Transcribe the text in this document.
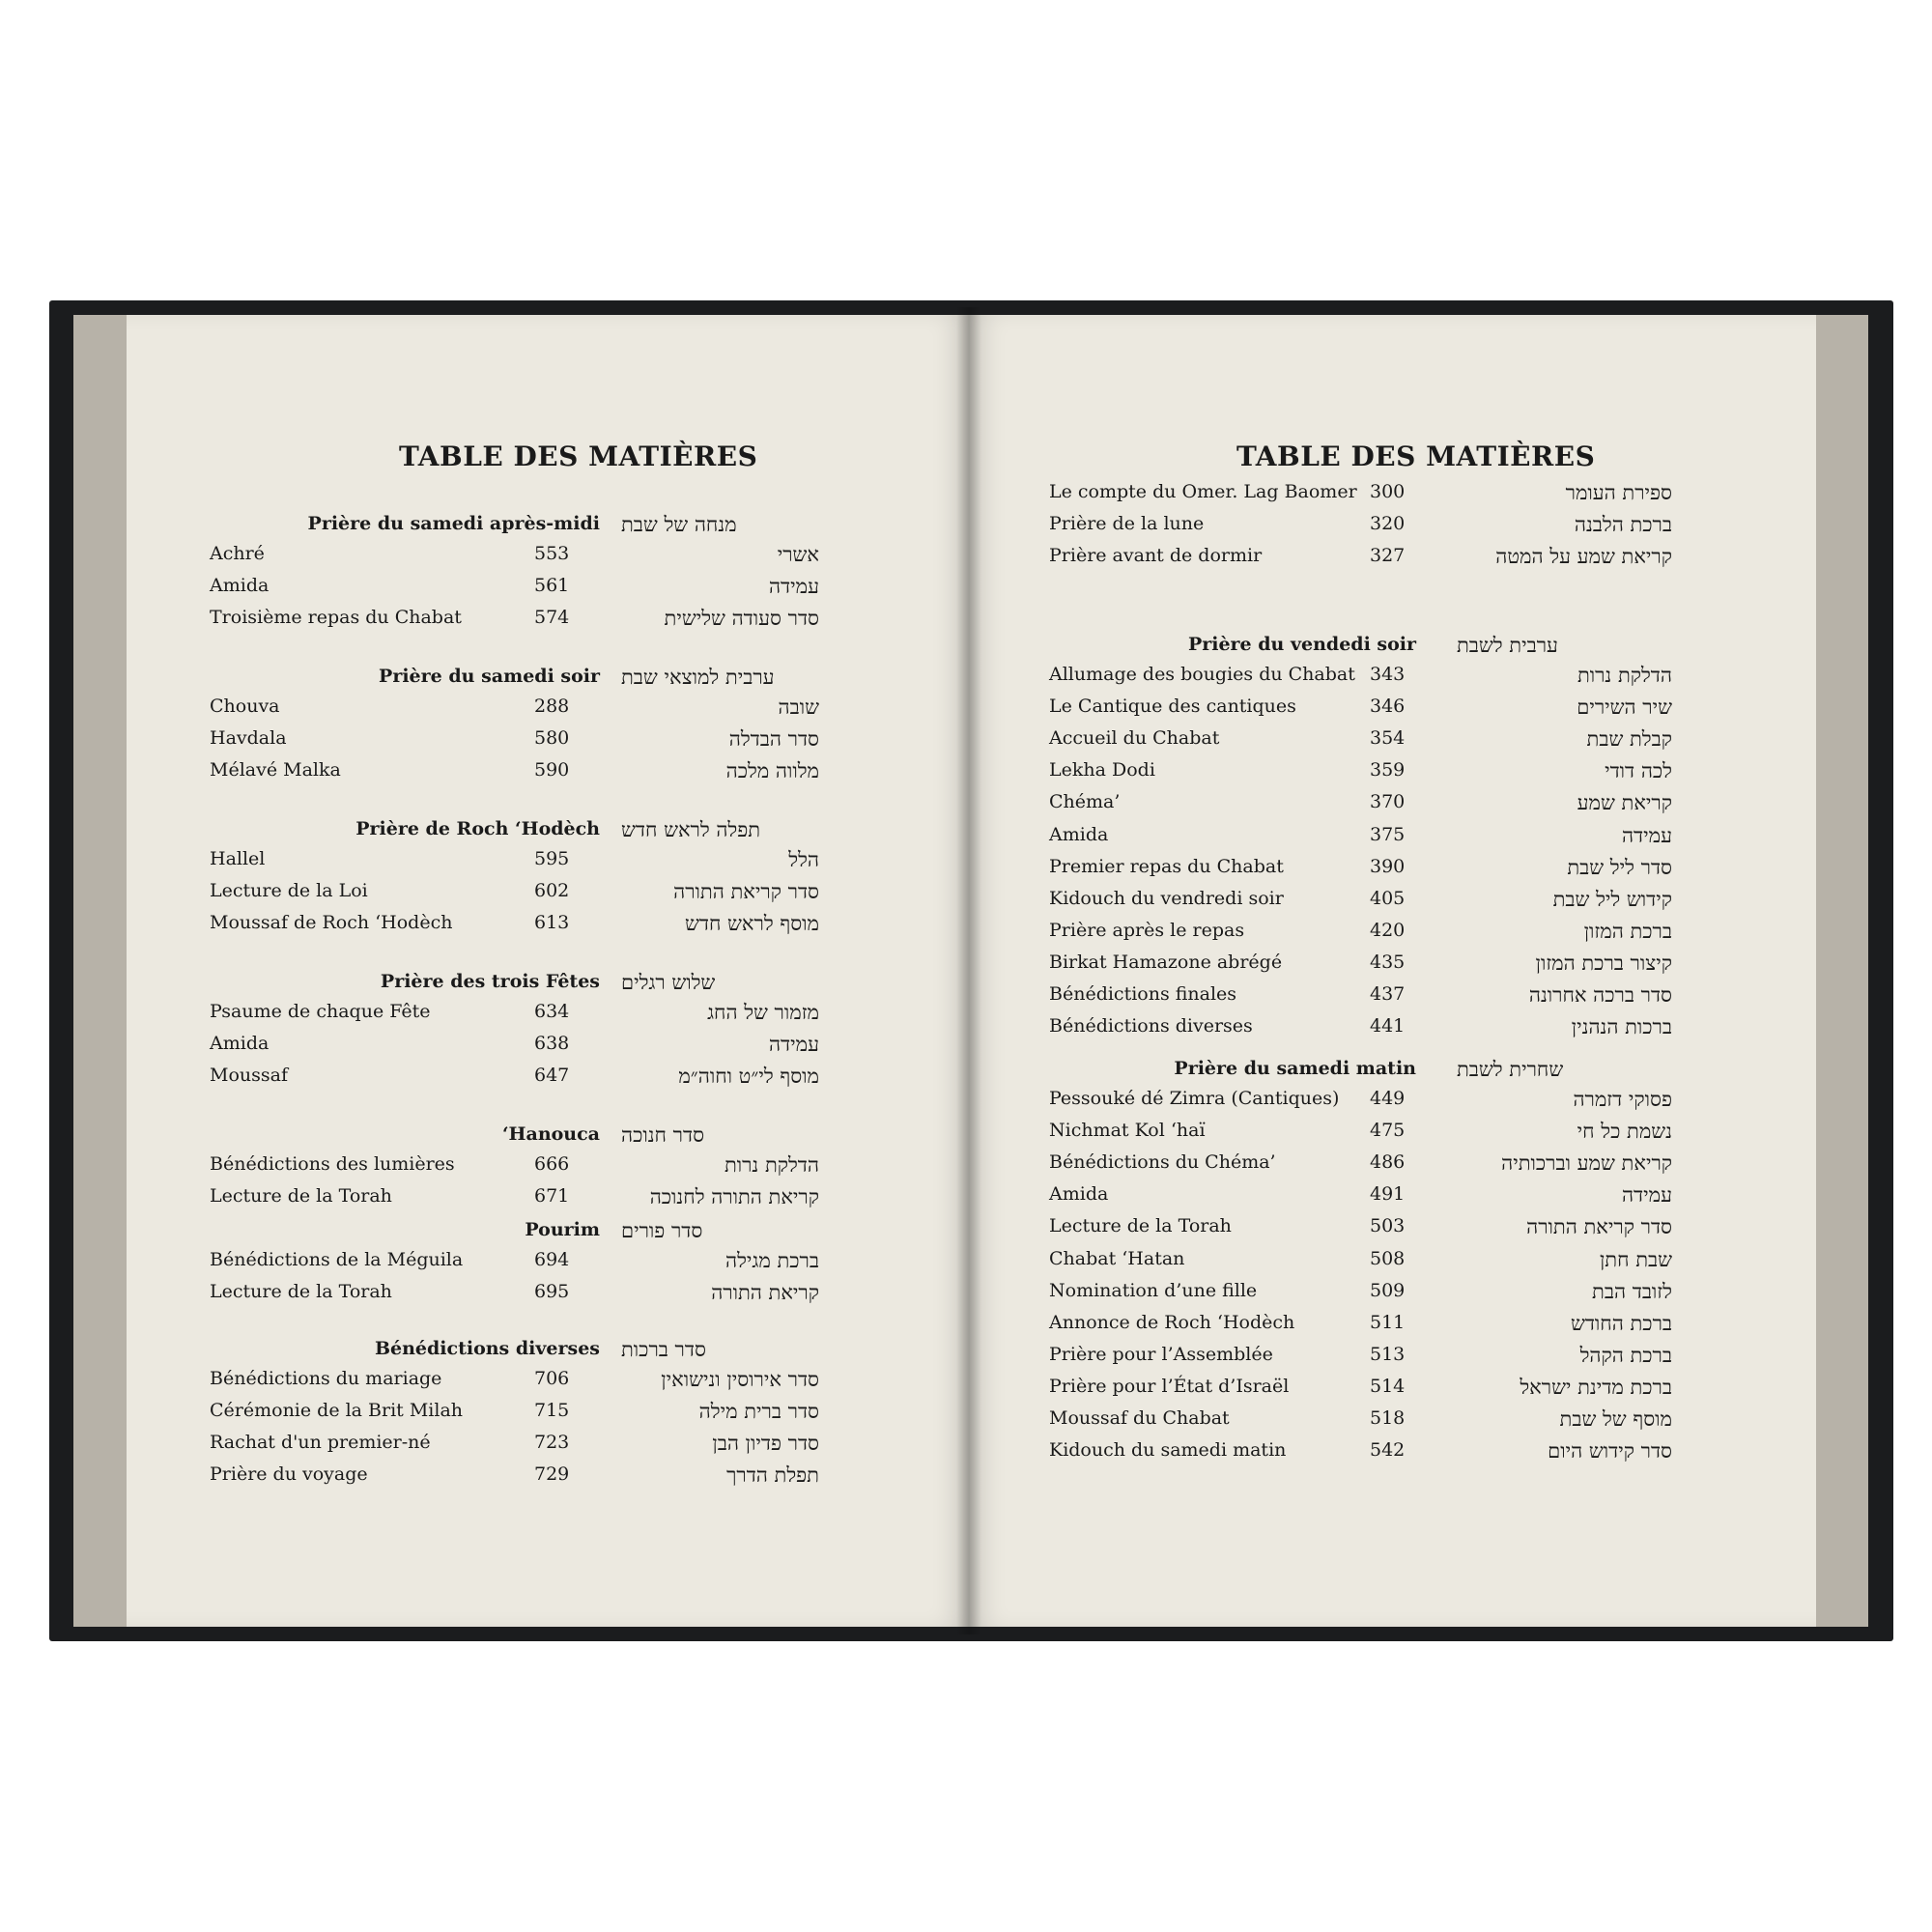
TABLE DES MATIÈRES
Prière du samedi après-midi מנחה של שבת
Achré	553	אשרי
Amida	561	עמידה
Troisième repas du Chabat	574	סדר סעודה שלישית
Prière du samedi soir ערבית למוצאי שבת
Chouva	288	שובה
Havdala	580	סדר הבדלה
Mélavé Malka	590	מלווה מלכה
Prière de Roch ‘Hodèch תפלה לראש חדש
Hallel	595	הלל
Lecture de la Loi	602	סדר קריאת התורה
Moussaf de Roch ‘Hodèch	613	מוסף לראש חדש
Prière des trois Fêtes שלוש רגלים
Psaume de chaque Fête	634	מזמור של החג
Amida	638	עמידה
Moussaf	647	מוסף לי״ט וחוה״מ
‘Hanouca סדר חנוכה
Bénédictions des lumières	666	הדלקת נרות
Lecture de la Torah	671	קריאת התורה לחנוכה
Pourim סדר פורים
Bénédictions de la Méguila	694	ברכת מגילה
Lecture de la Torah	695	קריאת התורה
Bénédictions diverses סדר ברכות
Bénédictions du mariage	706	סדר אירוסין ונישואין
Cérémonie de la Brit Milah	715	סדר ברית מילה
Rachat d'un premier-né	723	סדר פדיון הבן
Prière du voyage	729	תפלת הדרך
TABLE DES MATIÈRES
Le compte du Omer. Lag Baomer 300	ספירת העומר
Prière de la lune	320	ברכת הלבנה
Prière avant de dormir	327	קריאת שמע על המטה
Prière du vendedi soir ערבית לשבת
Allumage des bougies du Chabat 343	הדלקת נרות
Le Cantique des cantiques	346	שיר השירים
Accueil du Chabat	354	קבלת שבת
Lekha Dodi	359	לכה דודי
Chéma’	370	קריאת שמע
Amida	375	עמידה
Premier repas du Chabat	390	סדר ליל שבת
Kidouch du vendredi soir	405	קידוש ליל שבת
Prière après le repas	420	ברכת המזון
Birkat Hamazone abrégé	435	קיצור ברכת המזון
Bénédictions finales	437	סדר ברכה אחרונה
Bénédictions diverses	441	ברכות הנהנין
Prière du samedi matin שחרית לשבת
Pessouké dé Zimra (Cantiques) 449	פסוקי דזמרה
Nichmat Kol ‘haï	475	נשמת כל חי
Bénédictions du Chéma’	486	קריאת שמע וברכותיה
Amida	491	עמידה
Lecture de la Torah	503	סדר קריאת התורה
Chabat ‘Hatan	508	שבת חתן
Nomination d’une fille	509	לזובד הבת
Annonce de Roch ‘Hodèch	511	ברכת החודש
Prière pour l’Assemblée	513	ברכת הקהל
Prière pour l’État d’Israël	514	ברכת מדינת ישראל
Moussaf du Chabat	518	מוסף של שבת
Kidouch du samedi matin	542	סדר קידוש היום
